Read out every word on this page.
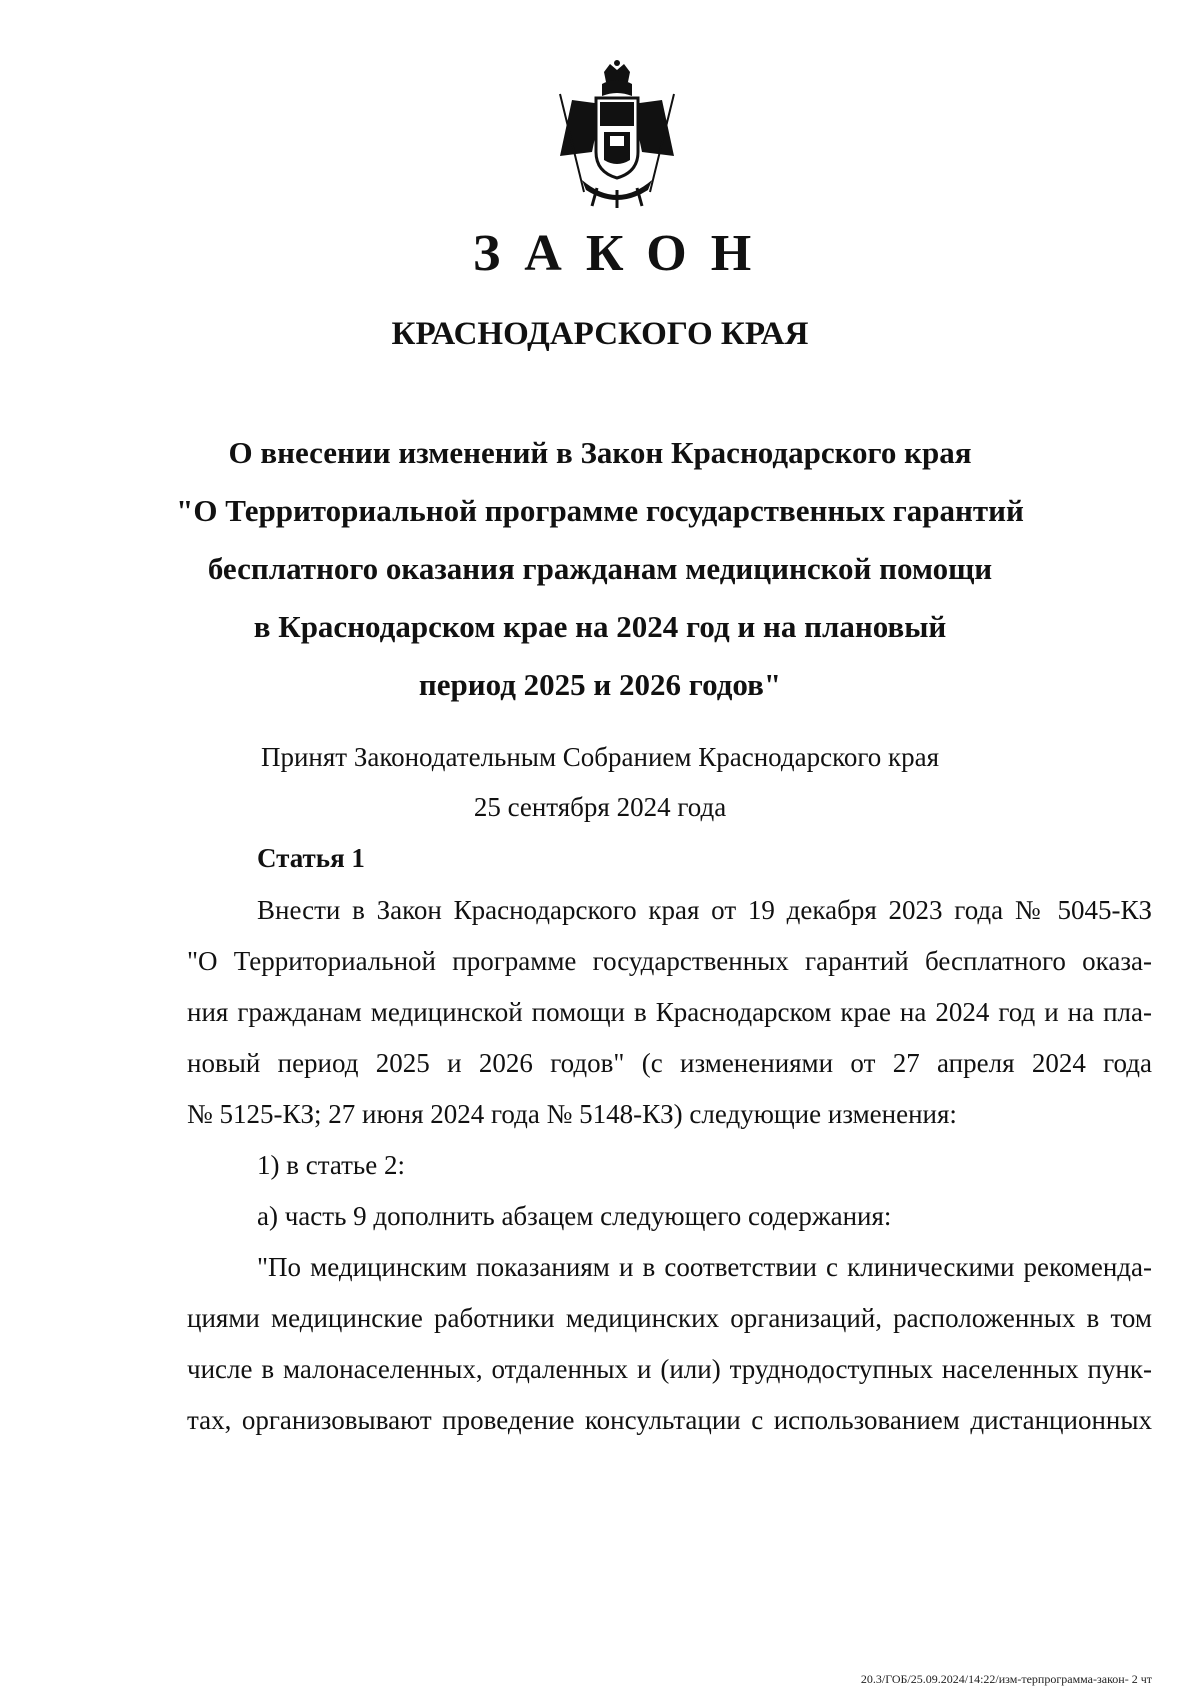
ЗАКОН
КРАСНОДАРСКОГО КРАЯ
О внесении изменений в Закон Краснодарского края
"О Территориальной программе государственных гарантий
бесплатного оказания гражданам медицинской помощи
в Краснодарском крае на 2024 год и на плановый
период 2025 и 2026 годов"
Принят Законодательным Собранием Краснодарского края
25 сентября 2024 года
Статья 1
Внести в Закон Краснодарского края от 19 декабря 2023 года № 5045-КЗ
"О Территориальной программе государственных гарантий бесплатного оказа-
ния гражданам медицинской помощи в Краснодарском крае на 2024 год и на пла-
новый период 2025 и 2026 годов" (с изменениями от 27 апреля 2024 года
№ 5125-КЗ; 27 июня 2024 года № 5148-КЗ) следующие изменения:
1) в статье 2:
а) часть 9 дополнить абзацем следующего содержания:
"По медицинским показаниям и в соответствии с клиническими рекоменда-
циями медицинские работники медицинских организаций, расположенных в том
числе в малонаселенных, отдаленных и (или) труднодоступных населенных пунк-
тах, организовывают проведение консультации с использованием дистанционных
20.3/ГОБ/25.09.2024/14:22/изм-терпрограмма-закон- 2 чт
